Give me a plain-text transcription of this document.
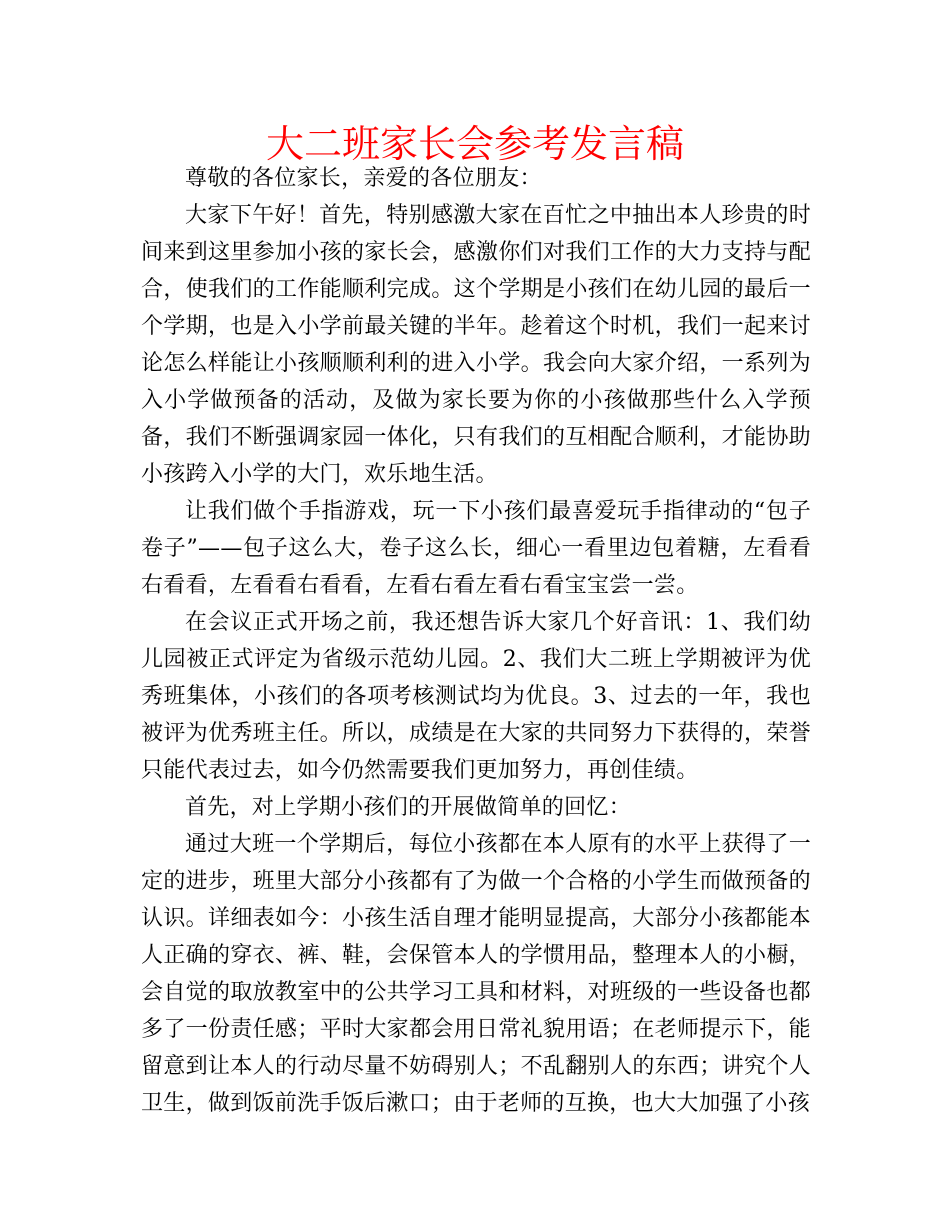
大二班家长会参考发言稿

尊敬的各位家长，亲爱的各位朋友：

大家下午好！首先，特别感激大家在百忙之中抽出本人珍贵的时间来到这里参加小孩的家长会，感激你们对我们工作的大力支持与配合，使我们的工作能顺利完成。这个学期是小孩们在幼儿园的最后一个学期，也是入小学前最关键的半年。趁着这个时机，我们一起来讨论怎么样能让小孩顺顺利利的进入小学。我会向大家介绍，一系列为入小学做预备的活动，及做为家长要为你的小孩做那些什么入学预备，我们不断强调家园一体化，只有我们的互相配合顺利，才能协助小孩跨入小学的大门，欢乐地生活。

让我们做个手指游戏，玩一下小孩们最喜爱玩手指律动的“包子卷子”——包子这么大，卷子这么长，细心一看里边包着糖，左看看右看看，左看看右看看，左看右看左看右看宝宝尝一尝。

在会议正式开场之前，我还想告诉大家几个好音讯：1、我们幼儿园被正式评定为省级示范幼儿园。2、我们大二班上学期被评为优秀班集体，小孩们的各项考核测试均为优良。3、过去的一年，我也被评为优秀班主任。所以，成绩是在大家的共同努力下获得的，荣誉只能代表过去，如今仍然需要我们更加努力，再创佳绩。

首先，对上学期小孩们的开展做简单的回忆：

通过大班一个学期后，每位小孩都在本人原有的水平上获得了一定的进步，班里大部分小孩都有了为做一个合格的小学生而做预备的认识。详细表如今：小孩生活自理才能明显提高，大部分小孩都能本人正确的穿衣、裤、鞋，会保管本人的学惯用品，整理本人的小橱，会自觉的取放教室中的公共学习工具和材料，对班级的一些设备也都多了一份责任感；平时大家都会用日常礼貌用语；在老师提示下，能留意到让本人的行动尽量不妨碍别人；不乱翻别人的东西；讲究个人卫生，做到饭前洗手饭后漱口；由于老师的互换，也大大加强了小孩
